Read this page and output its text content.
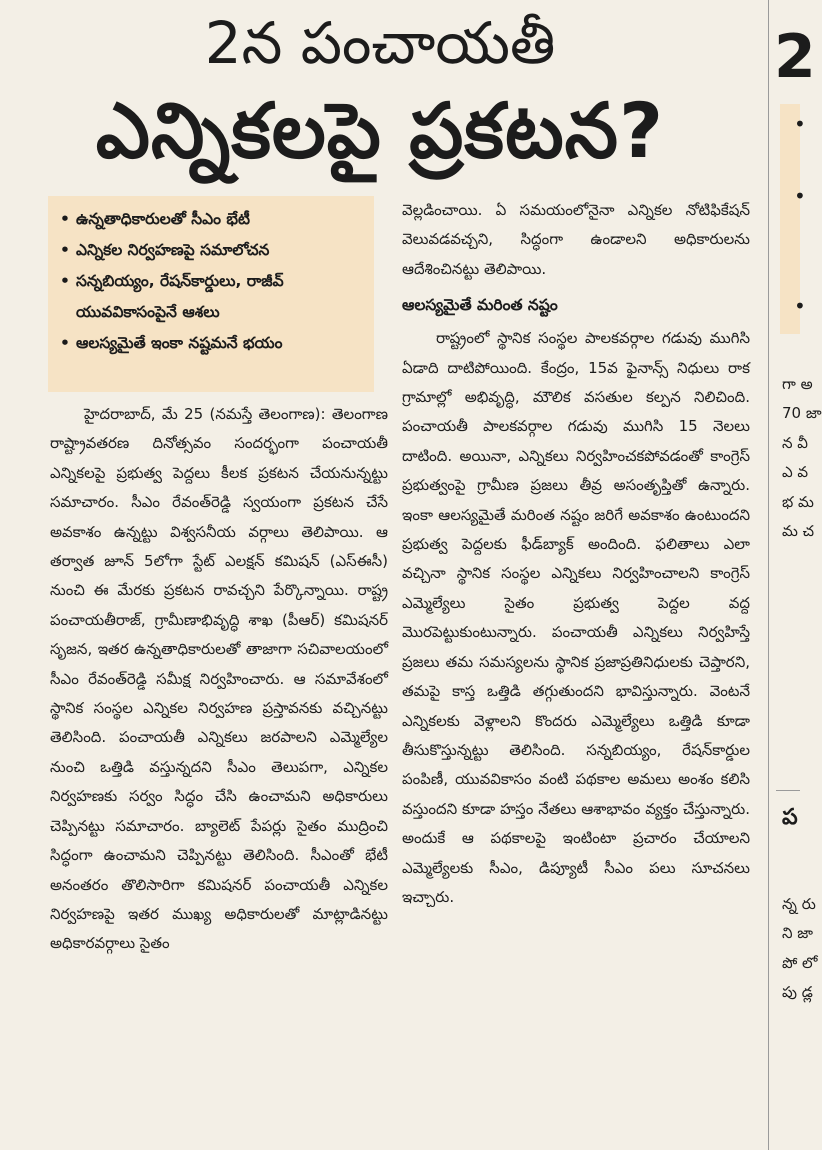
2న పంచాయతీ
ఎన్నికలపై ప్రకటన?
• ఉన్నతాధికారులతో సీఎం భేటీ
• ఎన్నికల నిర్వహణపై సమాలోచన
• సన్నబియ్యం, రేషన్‌కార్డులు, రాజీవ్ యువవికాసంపైనే ఆశలు
• ఆలస్యమైతే ఇంకా నష్టమనే భయం

హైదరాబాద్, మే 25 (నమస్తే తెలంగాణ): తెలంగాణ రాష్ట్రావతరణ దినోత్సవం సందర్భంగా పంచాయతీ ఎన్నికలపై ప్రభుత్వ పెద్దలు కీలక ప్రకటన చేయనున్నట్టు సమాచారం. సీఎం రేవంత్‌రెడ్డి స్వయంగా ప్రకటన చేసే అవకాశం ఉన్నట్టు విశ్వసనీయ వర్గాలు తెలిపాయి. ఆ తర్వాత జూన్ 5లోగా స్టేట్ ఎలక్షన్ కమిషన్ (ఎస్‌ఈసీ) నుంచి ఈ మేరకు ప్రకటన రావచ్చని పేర్కొన్నాయి. రాష్ట్ర పంచాయతీరాజ్, గ్రామీణాభివృద్ధి శాఖ (పీఆర్) కమిషనర్ సృజన, ఇతర ఉన్నతాధికారులతో తాజాగా సచివాలయంలో సీఎం రేవంత్‌రెడ్డి సమీక్ష నిర్వహించారు. ఆ సమావేశంలో స్థానిక సంస్థల ఎన్నికల నిర్వహణ ప్రస్తావనకు వచ్చినట్టు తెలిసింది. పంచాయతీ ఎన్నికలు జరపాలని ఎమ్మెల్యేల నుంచి ఒత్తిడి వస్తున్నదని సీఎం తెలుపగా, ఎన్నికల నిర్వహణకు సర్వం సిద్ధం చేసి ఉంచామని అధికారులు చెప్పినట్టు సమాచారం. బ్యాలెట్ పేపర్లు సైతం ముద్రించి సిద్ధంగా ఉంచామని చెప్పినట్టు తెలిసింది. సీఎంతో భేటీ అనంతరం తొలిసారిగా కమిషనర్ పంచాయతీ ఎన్నికల నిర్వహణపై ఇతర ముఖ్య అధికారులతో మాట్లాడినట్టు అధికారవర్గాలు సైతం

వెల్లడించాయి. ఏ సమయంలోనైనా ఎన్నికల నోటిఫికేషన్ వెలువడవచ్చని, సిద్ధంగా ఉండాలని అధికారులను ఆదేశించినట్టు తెలిపాయి.

ఆలస్యమైతే మరింత నష్టం

రాష్ట్రంలో స్థానిక సంస్థల పాలకవర్గాల గడువు ముగిసి ఏడాది దాటిపోయింది. కేంద్రం, 15వ ఫైనాన్స్ నిధులు రాక గ్రామాల్లో అభివృద్ధి, మౌలిక వసతుల కల్పన నిలిచింది. పంచాయతీ పాలకవర్గాల గడువు ముగిసి 15 నెలలు దాటింది. అయినా, ఎన్నికలు నిర్వహించకపోవడంతో కాంగ్రెస్ ప్రభుత్వంపై గ్రామీణ ప్రజలు తీవ్ర అసంతృప్తితో ఉన్నారు. ఇంకా ఆలస్యమైతే మరింత నష్టం జరిగే అవకాశం ఉంటుందని ప్రభుత్వ పెద్దలకు ఫీడ్‌బ్యాక్ అందింది. ఫలితాలు ఎలా వచ్చినా స్థానిక సంస్థల ఎన్నికలు నిర్వహించాలని కాంగ్రెస్ ఎమ్మెల్యేలు సైతం ప్రభుత్వ పెద్దల వద్ద మొరపెట్టుకుంటున్నారు. పంచాయతీ ఎన్నికలు నిర్వహిస్తే ప్రజలు తమ సమస్యలను స్థానిక ప్రజాప్రతినిధులకు చెప్తారని, తమపై కాస్త ఒత్తిడి తగ్గుతుందని భావిస్తున్నారు. వెంటనే ఎన్నికలకు వెళ్లాలని కొందరు ఎమ్మెల్యేలు ఒత్తిడి కూడా తీసుకొస్తున్నట్టు తెలిసింది. సన్నబియ్యం, రేషన్‌కార్డుల పంపిణీ, యువవికాసం వంటి పథకాల అమలు అంశం కలిసి వస్తుందని కూడా హస్తం నేతలు ఆశాభావం వ్యక్తం చేస్తున్నారు. అందుకే ఆ పథకాలపై ఇంటింటా ప్రచారం చేయాలని ఎమ్మెల్యేలకు సీఎం, డిప్యూటీ సీఎం పలు సూచనలు ఇచ్చారు.

2
•
•
•
గా అ 70 జా న వీ ఎ వ భ మ మ చ
ప
న్న రు ని జా పో లో పు డ్ల
